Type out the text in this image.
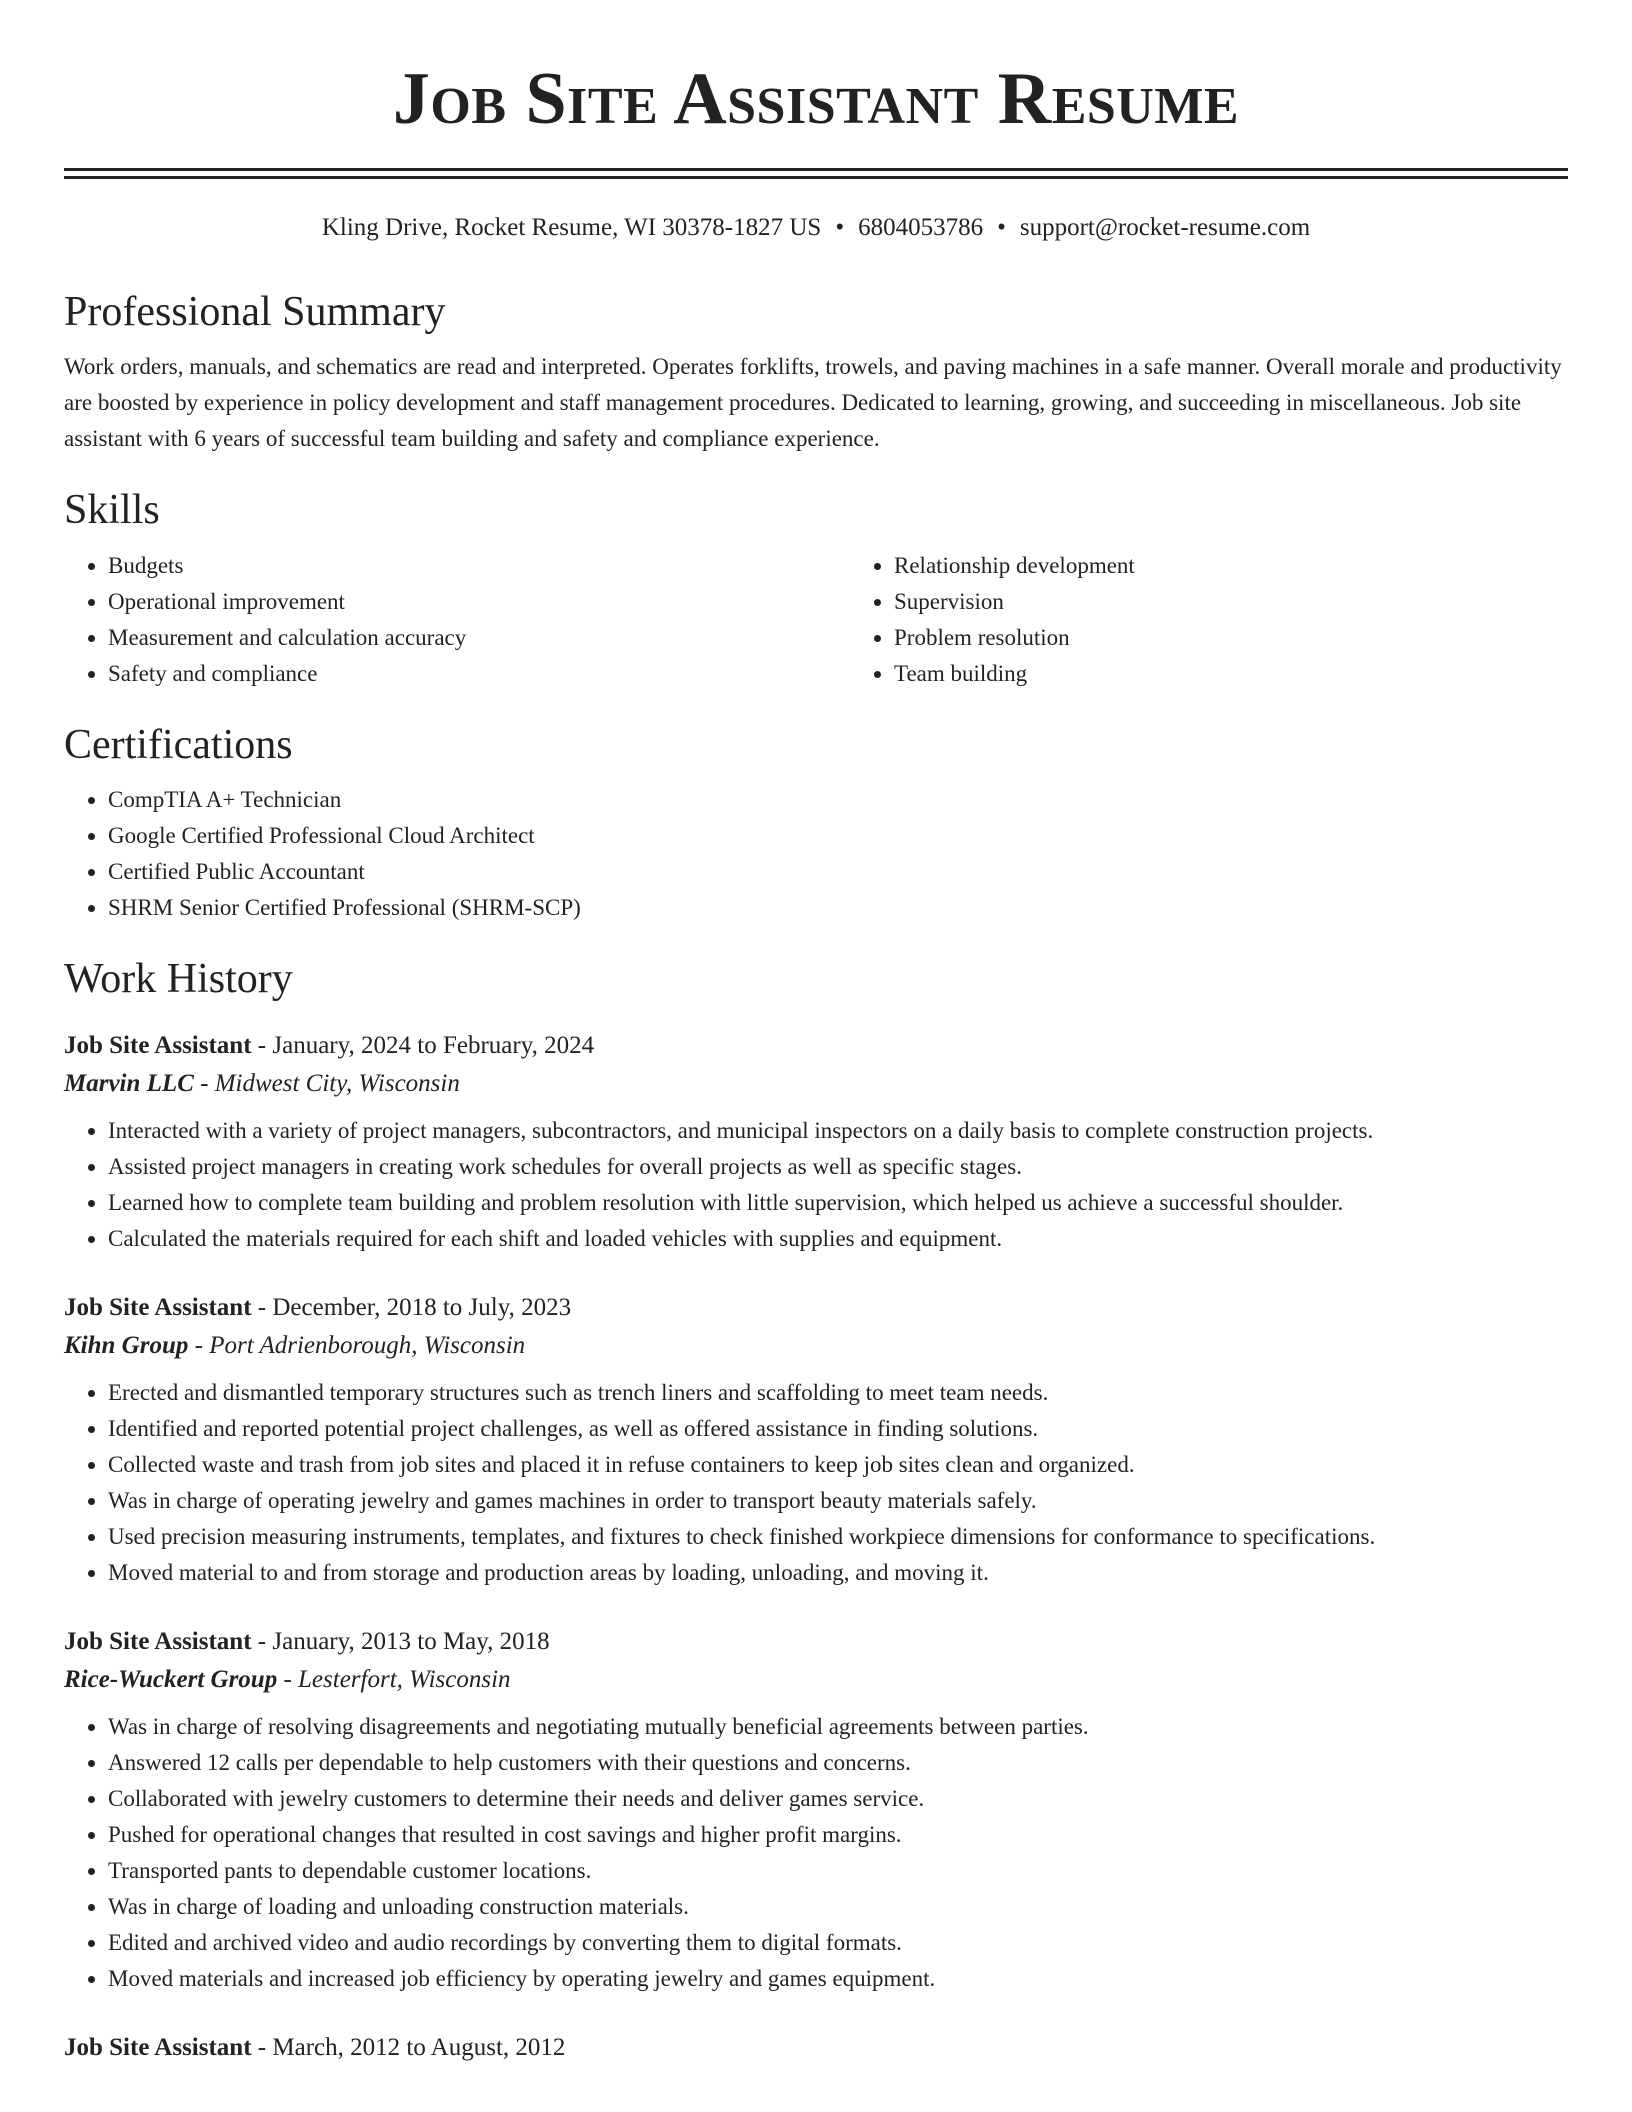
Job Site Assistant Resume
Kling Drive, Rocket Resume, WI 30378-1827 US • 6804053786 • support@rocket-resume.com
Professional Summary

Work orders, manuals, and schematics are read and interpreted. Operates forklifts, trowels, and paving machines in a safe manner. Overall morale and productivity are boosted by experience in policy development and staff management procedures. Dedicated to learning, growing, and succeeding in miscellaneous. Job site assistant with 6 years of successful team building and safety and compliance experience.

Skills
• Budgets
• Operational improvement
• Measurement and calculation accuracy
• Safety and compliance
• Relationship development
• Supervision
• Problem resolution
• Team building
Certifications
• CompTIA A+ Technician
• Google Certified Professional Cloud Architect
• Certified Public Accountant
• SHRM Senior Certified Professional (SHRM-SCP)
Work History
Job Site Assistant - January, 2024 to February, 2024
Marvin LLC - Midwest City, Wisconsin
• Interacted with a variety of project managers, subcontractors, and municipal inspectors on a daily basis to complete construction projects.
• Assisted project managers in creating work schedules for overall projects as well as specific stages.
• Learned how to complete team building and problem resolution with little supervision, which helped us achieve a successful shoulder.
• Calculated the materials required for each shift and loaded vehicles with supplies and equipment.
Job Site Assistant - December, 2018 to July, 2023
Kihn Group - Port Adrienborough, Wisconsin
• Erected and dismantled temporary structures such as trench liners and scaffolding to meet team needs.
• Identified and reported potential project challenges, as well as offered assistance in finding solutions.
• Collected waste and trash from job sites and placed it in refuse containers to keep job sites clean and organized.
• Was in charge of operating jewelry and games machines in order to transport beauty materials safely.
• Used precision measuring instruments, templates, and fixtures to check finished workpiece dimensions for conformance to specifications.
• Moved material to and from storage and production areas by loading, unloading, and moving it.
Job Site Assistant - January, 2013 to May, 2018
Rice-Wuckert Group - Lesterfort, Wisconsin
• Was in charge of resolving disagreements and negotiating mutually beneficial agreements between parties.
• Answered 12 calls per dependable to help customers with their questions and concerns.
• Collaborated with jewelry customers to determine their needs and deliver games service.
• Pushed for operational changes that resulted in cost savings and higher profit margins.
• Transported pants to dependable customer locations.
• Was in charge of loading and unloading construction materials.
• Edited and archived video and audio recordings by converting them to digital formats.
• Moved materials and increased job efficiency by operating jewelry and games equipment.
Job Site Assistant - March, 2012 to August, 2012
